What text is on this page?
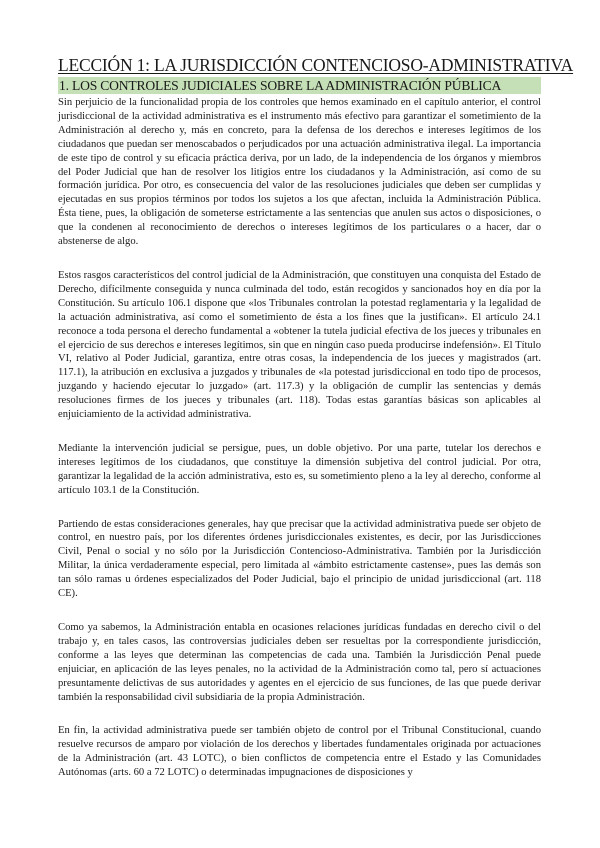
LECCIÓN 1: LA JURISDICCIÓN CONTENCIOSO-ADMINISTRATIVA
1. LOS CONTROLES JUDICIALES SOBRE LA ADMINISTRACIÓN PÚBLICA

Sin perjuicio de la funcionalidad propia de los controles que hemos examinado en el capítulo anterior, el control jurisdiccional de la actividad administrativa es el instrumento más efectivo para garantizar el sometimiento de la Administración al derecho y, más en concreto, para la defensa de los derechos e intereses legítimos de los ciudadanos que puedan ser menoscabados o perjudicados por una actuación administrativa ilegal. La importancia de este tipo de control y su eficacia práctica deriva, por un lado, de la independencia de los órganos y miembros del Poder Judicial que han de resolver los litigios entre los ciudadanos y la Administración, así como de su formación jurídica. Por otro, es consecuencia del valor de las resoluciones judiciales que deben ser cumplidas y ejecutadas en sus propios términos por todos los sujetos a los que afectan, incluida la Administración Pública. Ésta tiene, pues, la obligación de someterse estrictamente a las sentencias que anulen sus actos o disposiciones, o que la condenen al reconocimiento de derechos o intereses legítimos de los particulares o a hacer, dar o abstenerse de algo.

Estos rasgos característicos del control judicial de la Administración, que constituyen una conquista del Estado de Derecho, difícilmente conseguida y nunca culminada del todo, están recogidos y sancionados hoy en día por la Constitución. Su artículo 106.1 dispone que «los Tribunales controlan la potestad reglamentaria y la legalidad de la actuación administrativa, así como el sometimiento de ésta a los fines que la justifican». El artículo 24.1 reconoce a toda persona el derecho fundamental a «obtener la tutela judicial efectiva de los jueces y tribunales en el ejercicio de sus derechos e intereses legítimos, sin que en ningún caso pueda producirse indefensión». El Título VI, relativo al Poder Judicial, garantiza, entre otras cosas, la independencia de los jueces y magistrados (art. 117.1), la atribución en exclusiva a juzgados y tribunales de «la potestad jurisdiccional en todo tipo de procesos, juzgando y haciendo ejecutar lo juzgado» (art. 117.3) y la obligación de cumplir las sentencias y demás resoluciones firmes de los jueces y tribunales (art. 118). Todas estas garantías básicas son aplicables al enjuiciamiento de la actividad administrativa.

Mediante la intervención judicial se persigue, pues, un doble objetivo. Por una parte, tutelar los derechos e intereses legítimos de los ciudadanos, que constituye la dimensión subjetiva del control judicial. Por otra, garantizar la legalidad de la acción administrativa, esto es, su sometimiento pleno a la ley al derecho, conforme al artículo 103.1 de la Constitución.

Partiendo de estas consideraciones generales, hay que precisar que la actividad administrativa puede ser objeto de control, en nuestro país, por los diferentes órdenes jurisdiccionales existentes, es decir, por las Jurisdicciones Civil, Penal o social y no sólo por la Jurisdicción Contencioso-Administrativa. También por la Jurisdicción Militar, la única verdaderamente especial, pero limitada al «ámbito estrictamente castense», pues las demás son tan sólo ramas u órdenes especializados del Poder Judicial, bajo el principio de unidad jurisdiccional (art. 118 CE).

Como ya sabemos, la Administración entabla en ocasiones relaciones jurídicas fundadas en derecho civil o del trabajo y, en tales casos, las controversias judiciales deben ser resueltas por la correspondiente jurisdicción, conforme a las leyes que determinan las competencias de cada una. También la Jurisdicción Penal puede enjuiciar, en aplicación de las leyes penales, no la actividad de la Administración como tal, pero sí actuaciones presuntamente delictivas de sus autoridades y agentes en el ejercicio de sus funciones, de las que puede derivar también la responsabilidad civil subsidiaria de la propia Administración.

En fin, la actividad administrativa puede ser también objeto de control por el Tribunal Constitucional, cuando resuelve recursos de amparo por violación de los derechos y libertades fundamentales originada por actuaciones de la Administración (art. 43 LOTC), o bien conflictos de competencia entre el Estado y las Comunidades Autónomas (arts. 60 a 72 LOTC) o determinadas impugnaciones de disposiciones y
